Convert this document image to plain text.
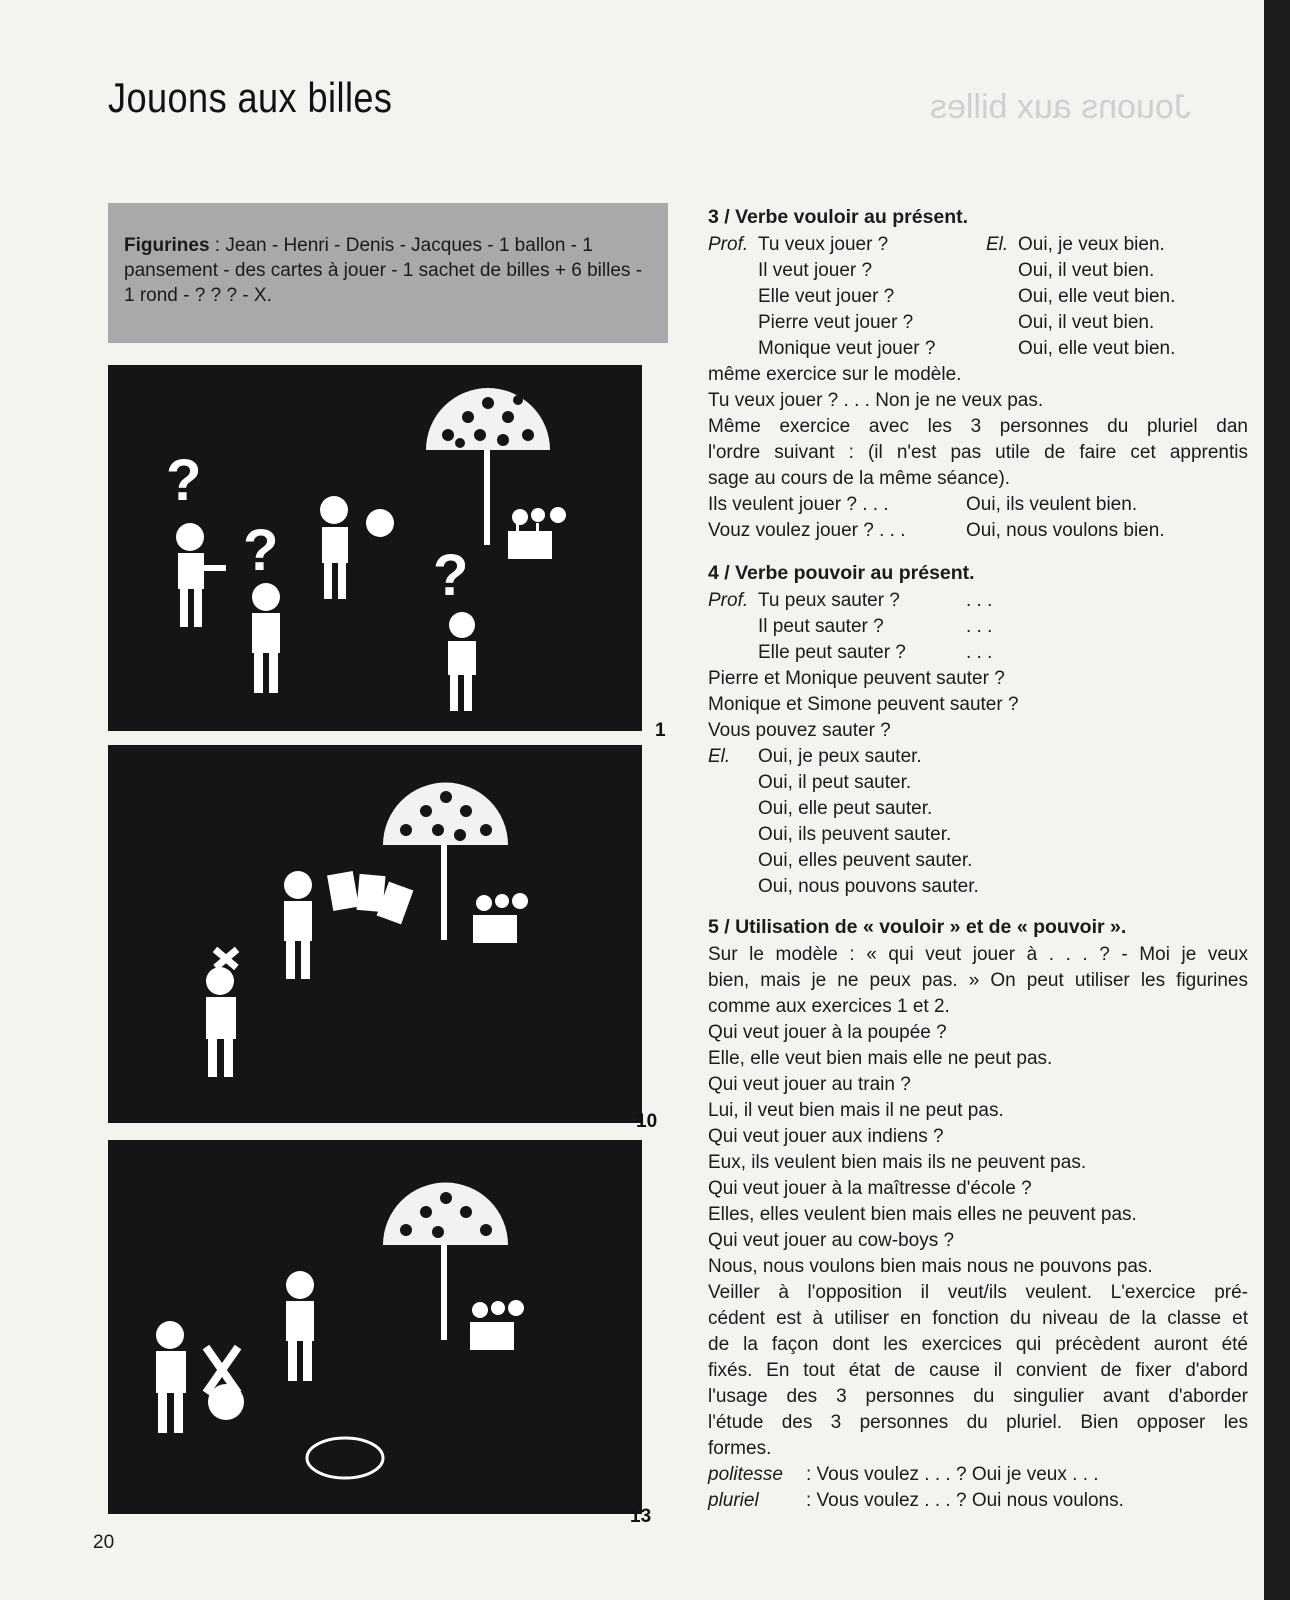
Jouons aux billes
Jouons aux billes
Figurines : Jean - Henri - Denis - Jacques - 1 ballon - 1 pansement - des cartes à jouer - 1 sachet de billes + 6 billes - 1 rond - ? ? ? - X.
?
?	?
1
10
13
3 / Verbe vouloir au présent.
Prof. Tu veux jouer ?	El. Oui, je veux bien.
Il veut jouer ?	Oui, il veut bien.
Elle veut jouer ?	Oui, elle veut bien.
Pierre veut jouer ?	Oui, il veut bien.
Monique veut jouer ?	Oui, elle veut bien.
même exercice sur le modèle.
Tu veux jouer ? . . . Non je ne veux pas.
Même exercice avec les 3 personnes du pluriel dan
l'ordre suivant : (il n'est pas utile de faire cet apprentis
sage au cours de la même séance).
Ils veulent jouer ? . . .	Oui, ils veulent bien.
Vouz voulez jouer ? . . .	Oui, nous voulons bien.
4 / Verbe pouvoir au présent.
Prof. Tu peux sauter ?	. . .
Il peut sauter ?	. . .
Elle peut sauter ?	. . .
Pierre et Monique peuvent sauter ?
Monique et Simone peuvent sauter ?
Vous pouvez sauter ?
El. Oui, je peux sauter.
Oui, il peut sauter.
Oui, elle peut sauter.
Oui, ils peuvent sauter.
Oui, elles peuvent sauter.
Oui, nous pouvons sauter.
5 / Utilisation de « vouloir » et de « pouvoir ».
Sur le modèle : « qui veut jouer à . . . ? - Moi je veux
bien, mais je ne peux pas. » On peut utiliser les figurines
comme aux exercices 1 et 2.
Qui veut jouer à la poupée ?
Elle, elle veut bien mais elle ne peut pas.
Qui veut jouer au train ?
Lui, il veut bien mais il ne peut pas.
Qui veut jouer aux indiens ?
Eux, ils veulent bien mais ils ne peuvent pas.
Qui veut jouer à la maîtresse d'école ?
Elles, elles veulent bien mais elles ne peuvent pas.
Qui veut jouer au cow-boys ?
Nous, nous voulons bien mais nous ne pouvons pas.
Veiller à l'opposition il veut/ils veulent. L'exercice pré-
cédent est à utiliser en fonction du niveau de la classe et
de la façon dont les exercices qui précèdent auront été
fixés. En tout état de cause il convient de fixer d'abord
l'usage des 3 personnes du singulier avant d'aborder
l'étude des 3 personnes du pluriel. Bien opposer les
formes.
politesse : Vous voulez . . . ? Oui je veux . . .
pluriel : Vous voulez . . . ? Oui nous voulons.
20
